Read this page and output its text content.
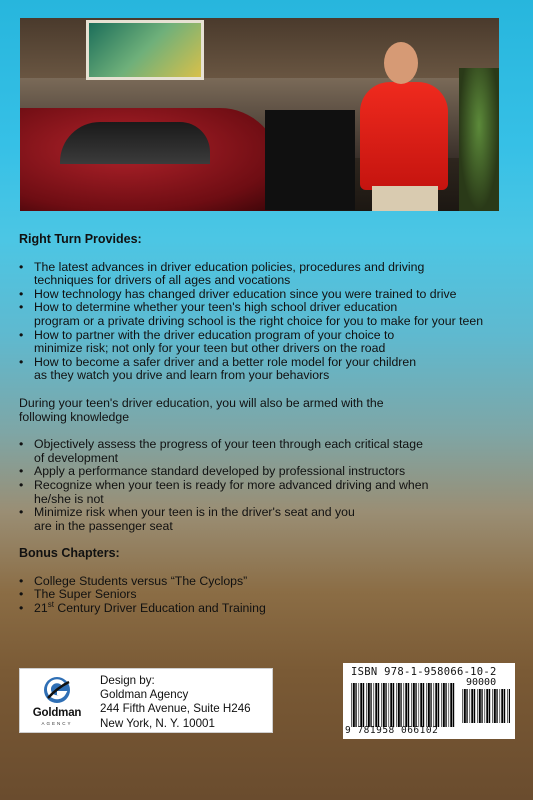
Right Turn Provides:

• The latest advances in driver education policies, procedures and driving
techniques for drivers of all ages and vocations
• How technology has changed driver education since you were trained to drive
• How to determine whether your teen's high school driver education
program or a private driving school is the right choice for you to make for your teen
• How to partner with the driver education program of your choice to
minimize risk; not only for your teen but other drivers on the road
• How to become a safer driver and a better role model for your children
as they watch you drive and learn from your behaviors

During your teen's driver education, you will also be armed with the
following knowledge

• Objectively assess the progress of your teen through each critical stage
of development
• Apply a performance standard developed by professional instructors
• Recognize when your teen is ready for more advanced driving and when
he/she is not
• Minimize risk when your teen is in the driver's seat and you
are in the passenger seat

Bonus Chapters:

• College Students versus “The Cyclops”
• The Super Seniors
• 21st Century Driver Education and Training
Goldman
AGENCY
Design by:
Goldman Agency
244 Fifth Avenue, Suite H246
New York, N. Y. 10001
ISBN 978-1-958066-10-2
90000
9 781958 066102
